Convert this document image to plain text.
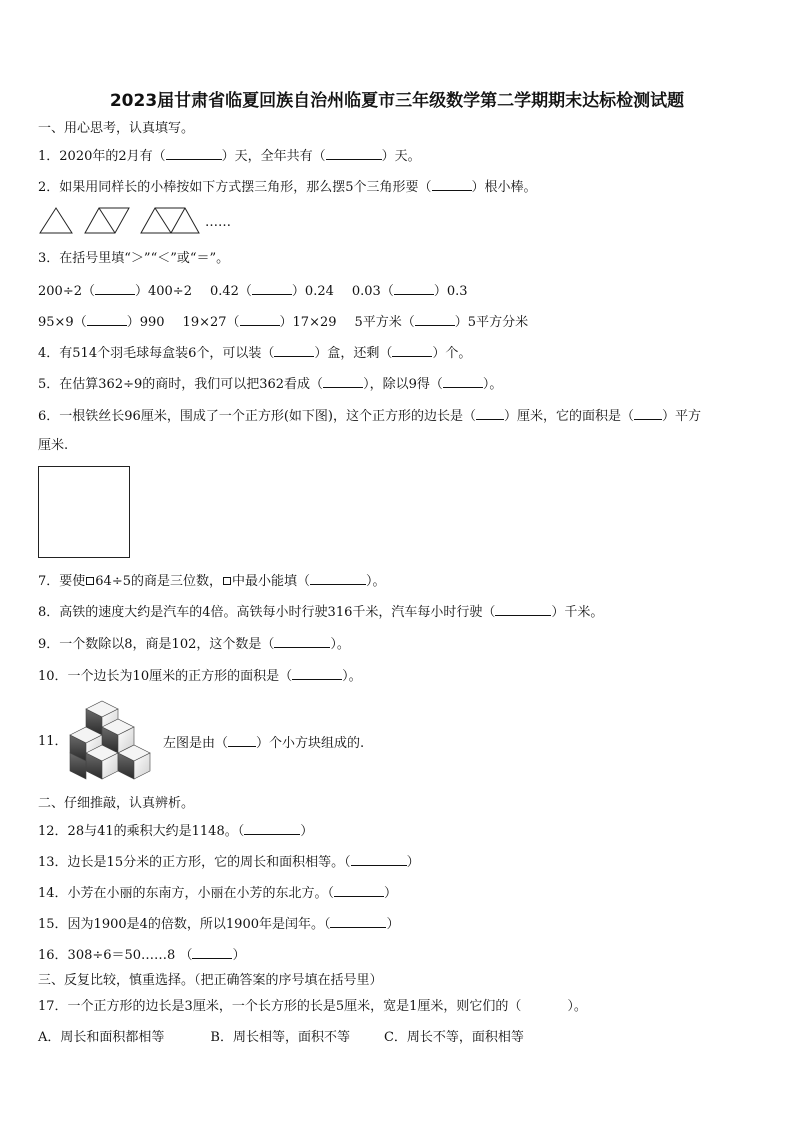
2023届甘肃省临夏回族自治州临夏市三年级数学第二学期期末达标检测试题
一、用心思考，认真填写。
1．2020年的2月有（	）天，全年共有（	）天。
2．如果用同样长的小棒按如下方式摆三角形，那么摆5个三角形要（	）根小棒。
……
3．在括号里填“＞”“＜”或“＝”。
200÷2（	）400÷2 0.42（	）0.24 0.03（	）0.3
95×9（	）990 19×27（	）17×29 5平方米（	）5平方分米
4．有514个羽毛球每盒装6个，可以装（	）盒，还剩（	）个。
5．在估算362÷9的商时，我们可以把362看成（	），除以9得（	）。
6．一根铁丝长96厘米，围成了一个正方形(如下图)，这个正方形的边长是（ ）厘米，它的面积是（ ）平方
厘米.
7．要使 64÷5的商是三位数， 中最小能填（	）。
8．高铁的速度大约是汽车的4倍。高铁每小时行驶316千米，汽车每小时行驶（	）千米。
9．一个数除以8，商是102，这个数是（	）。
10．一个边长为10厘米的正方形的面积是（	）。
11．	左图是由（ ）个小方块组成的.
二、仔细推敲，认真辨析。
12．28与41的乘积大约是1148。（	）
13．边长是15分米的正方形，它的周长和面积相等。（	）
14．小芳在小丽的东南方，小丽在小芳的东北方。（	）
15．因为1900是4的倍数，所以1900年是闰年。（	）
16．308÷6＝50……8 （	）
三、反复比较，慎重选择。（把正确答案的序号填在括号里）
17．一个正方形的边长是3厘米，一个长方形的长是5厘米，宽是1厘米，则它们的（	）。
A．周长和面积都相等	B．周长相等，面积不等	C．周长不等，面积相等
